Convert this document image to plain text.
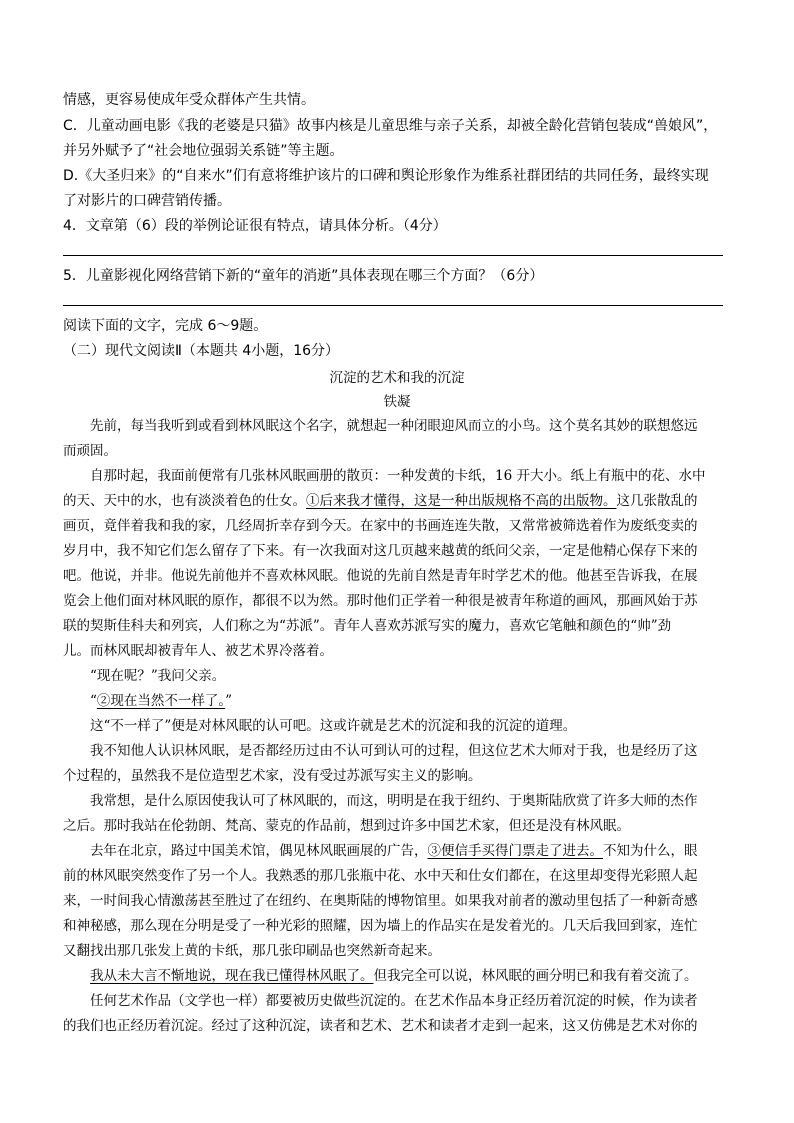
情感，更容易使成年受众群体产生共情。
C．儿童动画电影《我的老婆是只猫》故事内核是儿童思维与亲子关系，却被全龄化营销包装成“兽娘风”，
并另外赋予了“社会地位强弱关系链”等主题。
D.《大圣归来》的“自来水”们有意将维护该片的口碑和舆论形象作为维系社群团结的共同任务，最终实现
了对影片的口碑营销传播。
4．文章第（6）段的举例论证很有特点，请具体分析。（4分）
5．儿童影视化网络营销下新的“童年的消逝”具体表现在哪三个方面？（6分）
阅读下面的文字，完成 6～9题。
（二）现代文阅读Ⅱ（本题共 4小题，16分）
沉淀的艺术和我的沉淀
铁凝
先前，每当我听到或看到林风眠这个名字，就想起一种闭眼迎风而立的小鸟。这个莫名其妙的联想悠远
而顽固。
自那时起，我面前便常有几张林风眠画册的散页：一种发黄的卡纸，16 开大小。纸上有瓶中的花、水中
的天、天中的水，也有淡淡着色的仕女。①后来我才懂得，这是一种出版规格不高的出版物。这几张散乱的
画页，竟伴着我和我的家，几经周折幸存到今天。在家中的书画连连失散，又常常被筛选着作为废纸变卖的
岁月中，我不知它们怎么留存了下来。有一次我面对这几页越来越黄的纸问父亲，一定是他精心保存下来的
吧。他说，并非。他说先前他并不喜欢林风眠。他说的先前自然是青年时学艺术的他。他甚至告诉我，在展
览会上他们面对林风眠的原作，都很不以为然。那时他们正学着一种很是被青年称道的画风，那画风始于苏
联的契斯佳科夫和列宾，人们称之为“苏派”。青年人喜欢苏派写实的魔力，喜欢它笔触和颜色的“帅”劲
儿。而林风眠却被青年人、被艺术界冷落着。
“现在呢？”我问父亲。
“②现在当然不一样了。”
这“不一样了”便是对林风眠的认可吧。这或许就是艺术的沉淀和我的沉淀的道理。
我不知他人认识林风眠，是否都经历过由不认可到认可的过程，但这位艺术大师对于我，也是经历了这
个过程的，虽然我不是位造型艺术家，没有受过苏派写实主义的影响。
我常想，是什么原因使我认可了林风眠的，而这，明明是在我于纽约、于奥斯陆欣赏了许多大师的杰作
之后。那时我站在伦勃朗、梵高、蒙克的作品前，想到过许多中国艺术家，但还是没有林风眠。
去年在北京，路过中国美术馆，偶见林风眠画展的广告，③便信手买得门票走了进去。不知为什么，眼
前的林风眠突然变作了另一个人。我熟悉的那几张瓶中花、水中天和仕女们都在，在这里却变得光彩照人起
来，一时间我心情激荡甚至胜过了在纽约、在奥斯陆的博物馆里。如果我对前者的激动里包括了一种新奇感
和神秘感，那么现在分明是受了一种光彩的照耀，因为墙上的作品实在是发着光的。几天后我回到家，连忙
又翻找出那几张发上黄的卡纸，那几张印刷品也突然新奇起来。
我从未大言不惭地说，现在我已懂得林风眠了。但我完全可以说，林风眠的画分明已和我有着交流了。
任何艺术作品（文学也一样）都要被历史做些沉淀的。在艺术作品本身正经历着沉淀的时候，作为读者
的我们也正经历着沉淀。经过了这种沉淀，读者和艺术、艺术和读者才走到一起来，这又仿佛是艺术对你的
